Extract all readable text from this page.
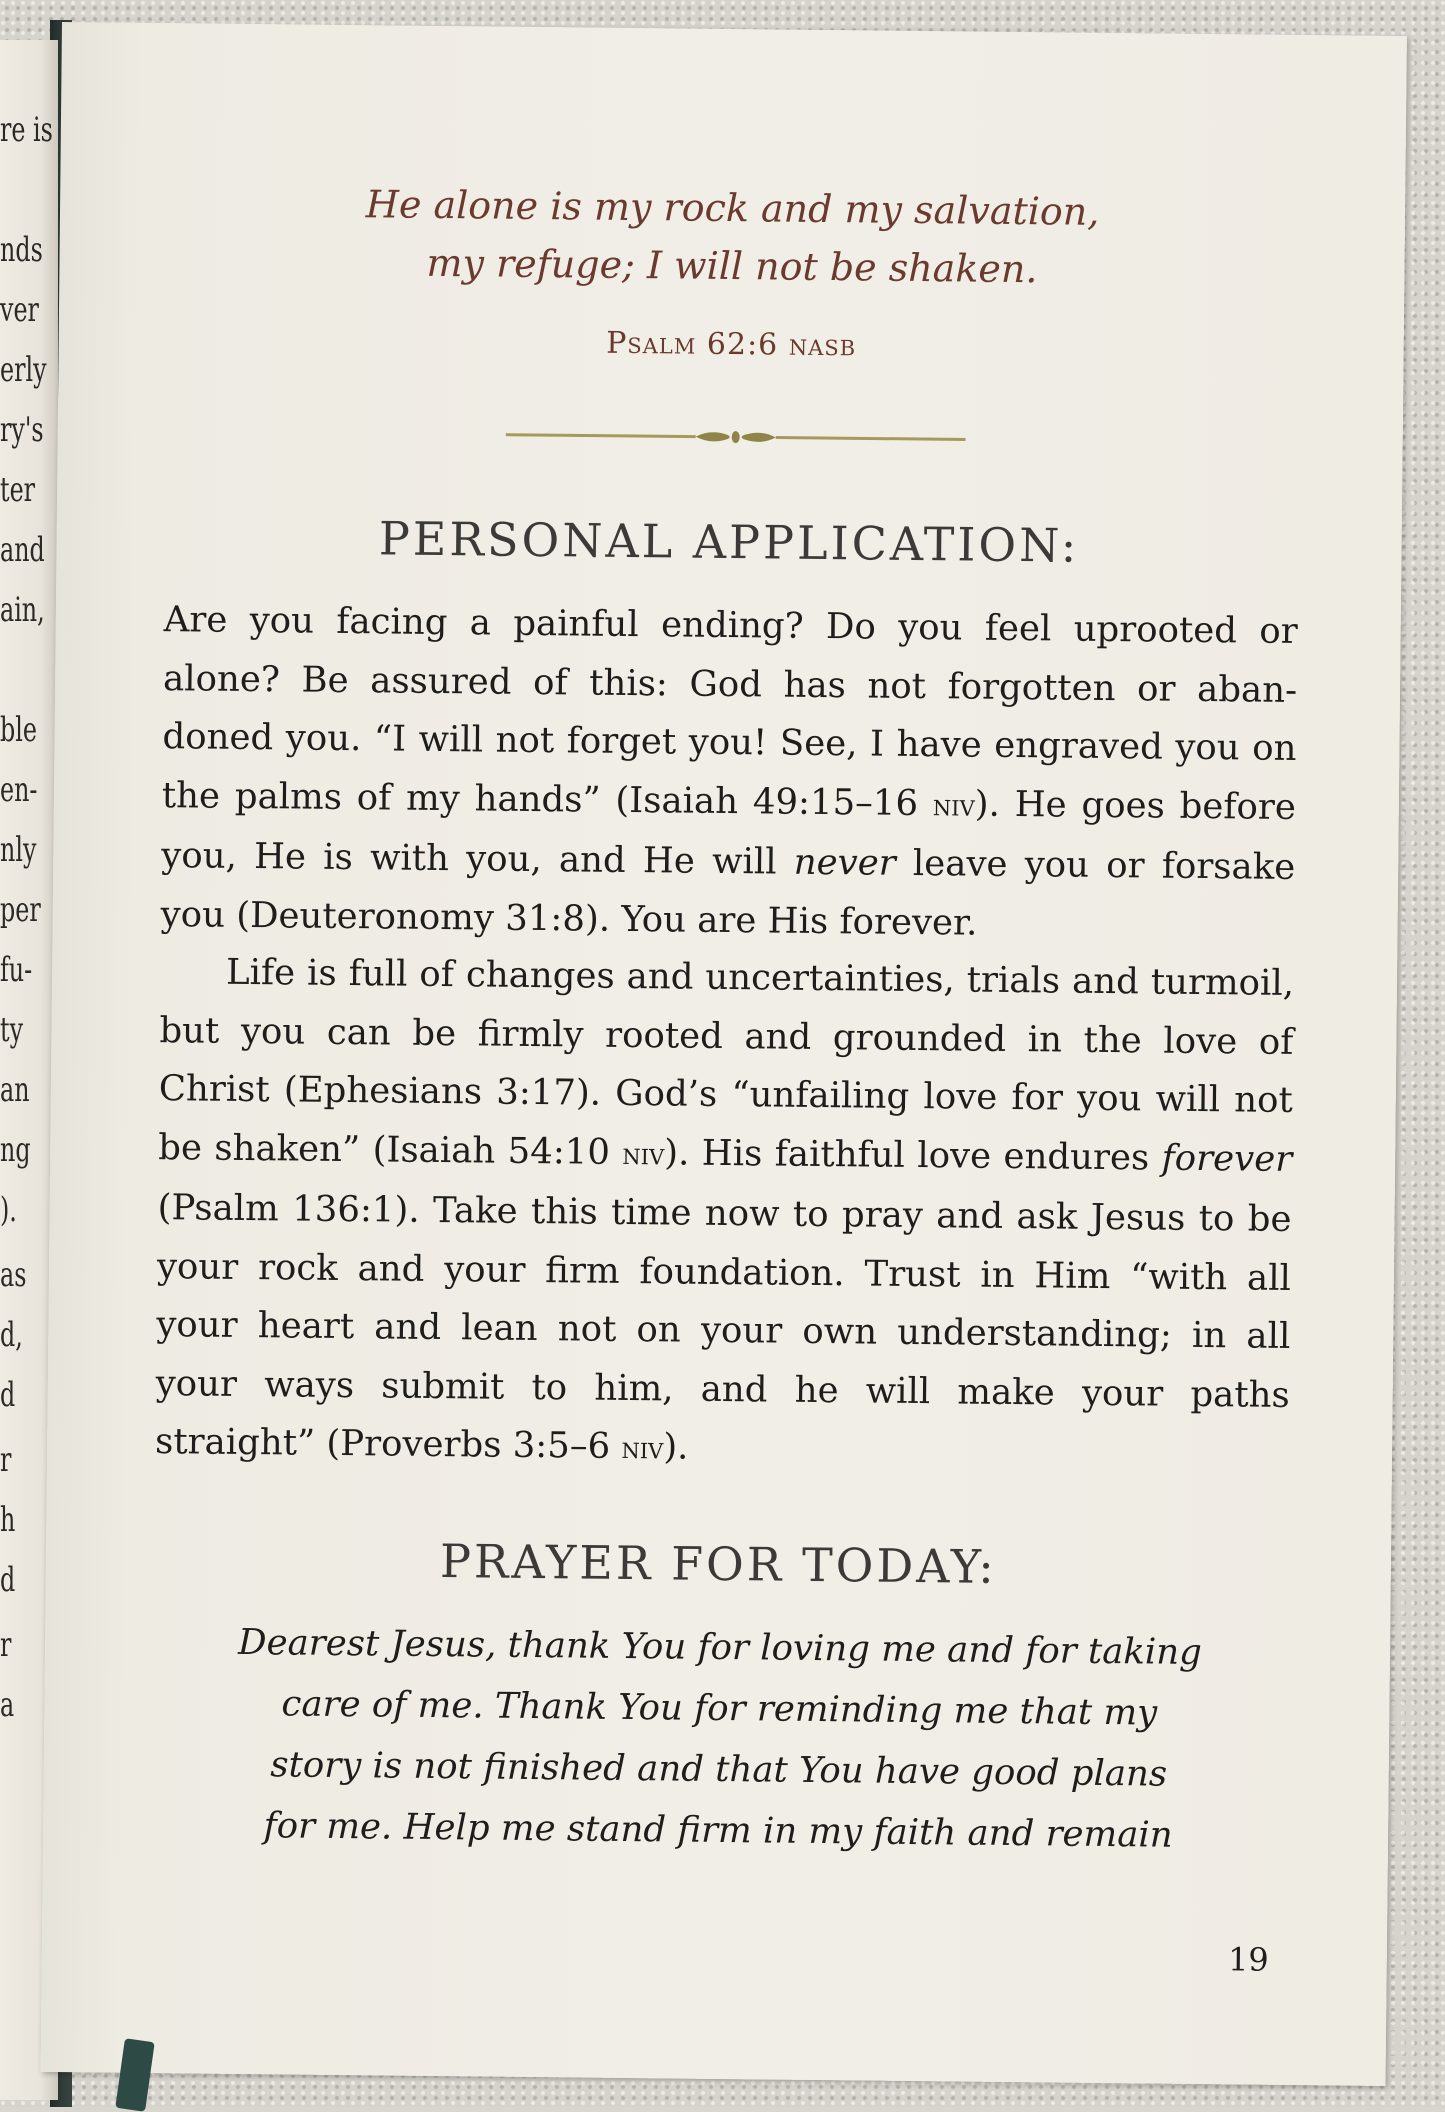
re is
nds
ver
erly
ry's
ter
and
ain,
ble
en-
nly
per
fu-
ty
an
ng
).
as
d,
d
r
h
d
r
a
He alone is my rock and my salvation,
my refuge; I will not be shaken.
Psalm 62:6 nasb
PERSONAL APPLICATION:

Are you facing a painful ending? Do you feel uprooted or alone? Be assured of this: God has not forgotten or aban-doned you. “I will not forget you! See, I have engraved you on the palms of my hands” (Isaiah 49:15–16 niv). He goes before you, He is with you, and He will never leave you or forsake you (Deuteronomy 31:8). You are His forever.

Life is full of changes and uncertainties, trials and turmoil, but you can be firmly rooted and grounded in the love of Christ (Ephesians 3:17). God’s “unfailing love for you will not be shaken” (Isaiah 54:10 niv). His faithful love endures forever (Psalm 136:1). Take this time now to pray and ask Jesus to be your rock and your firm foundation. Trust in Him “with all your heart and lean not on your own understanding; in all your ways submit to him, and he will make your paths straight” (Proverbs 3:5–6 niv).

PRAYER FOR TODAY:
Dearest Jesus, thank You for loving me and for taking
care of me. Thank You for reminding me that my
story is not finished and that You have good plans
for me. Help me stand firm in my faith and remain
19
